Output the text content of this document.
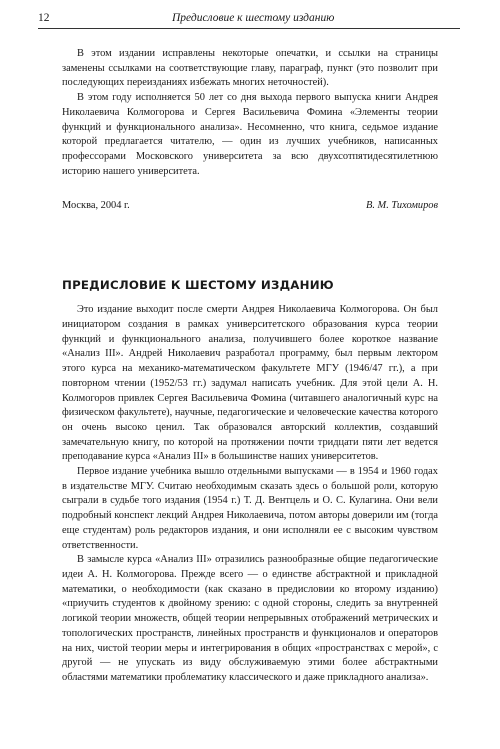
12	Предисловие к шестому изданию

В этом издании исправлены некоторые опечатки, и ссылки на страницы заменены ссылками на соответствующие главу, параграф, пункт (это позволит при последующих переизданиях избежать многих неточностей).

В этом году исполняется 50 лет со дня выхода первого выпуска книги Андрея Николаевича Колмогорова и Сергея Васильевича Фомина «Элементы теории функций и функционального анализа». Несомненно, что книга, седьмое издание которой предлагается читателю, — один из лучших учебников, написанных профессорами Московского университета за всю двухсотпятидесятилетнюю историю нашего университета.

Москва, 2004 г.	В. М. Тихомиров
ПРЕДИСЛОВИЕ К ШЕСТОМУ ИЗДАНИЮ

Это издание выходит после смерти Андрея Николаевича Колмогорова. Он был инициатором создания в рамках университетского образования курса теории функций и функционального анализа, получившего более короткое название «Анализ III». Андрей Николаевич разработал программу, был первым лектором этого курса на механико-математическом факультете МГУ (1946/47 гг.), а при повторном чтении (1952/53 гг.) задумал написать учебник. Для этой цели А. Н. Колмогоров привлек Сергея Васильевича Фомина (читавшего аналогичный курс на физическом факультете), научные, педагогические и человеческие качества которого он очень высоко ценил. Так образовался авторский коллектив, создавший замечательную книгу, по которой на протяжении почти тридцати пяти лет ведется преподавание курса «Анализ III» в большинстве наших университетов.

Первое издание учебника вышло отдельными выпусками — в 1954 и 1960 годах в издательстве МГУ. Считаю необходимым сказать здесь о большой роли, которую сыграли в судьбе того издания (1954 г.) Т. Д. Вентцель и О. С. Кулагина. Они вели подробный конспект лекций Андрея Николаевича, потом авторы доверили им (тогда еще студентам) роль редакторов издания, и они исполняли ее с высоким чувством ответственности.

В замысле курса «Анализ III» отразились разнообразные общие педагогические идеи А. Н. Колмогорова. Прежде всего — о единстве абстрактной и прикладной математики, о необходимости (как сказано в предисловии ко второму изданию) «приучить студентов к двойному зрению: с одной стороны, следить за внутренней логикой теории множеств, общей теории непрерывных отображений метрических и топологических пространств, линейных пространств и функционалов и операторов на них, чистой теории меры и интегрирования в общих «пространствах с мерой», с другой — не упускать из виду обслуживаемую этими более абстрактными областями математики проблематику классического и даже прикладного анализа».
